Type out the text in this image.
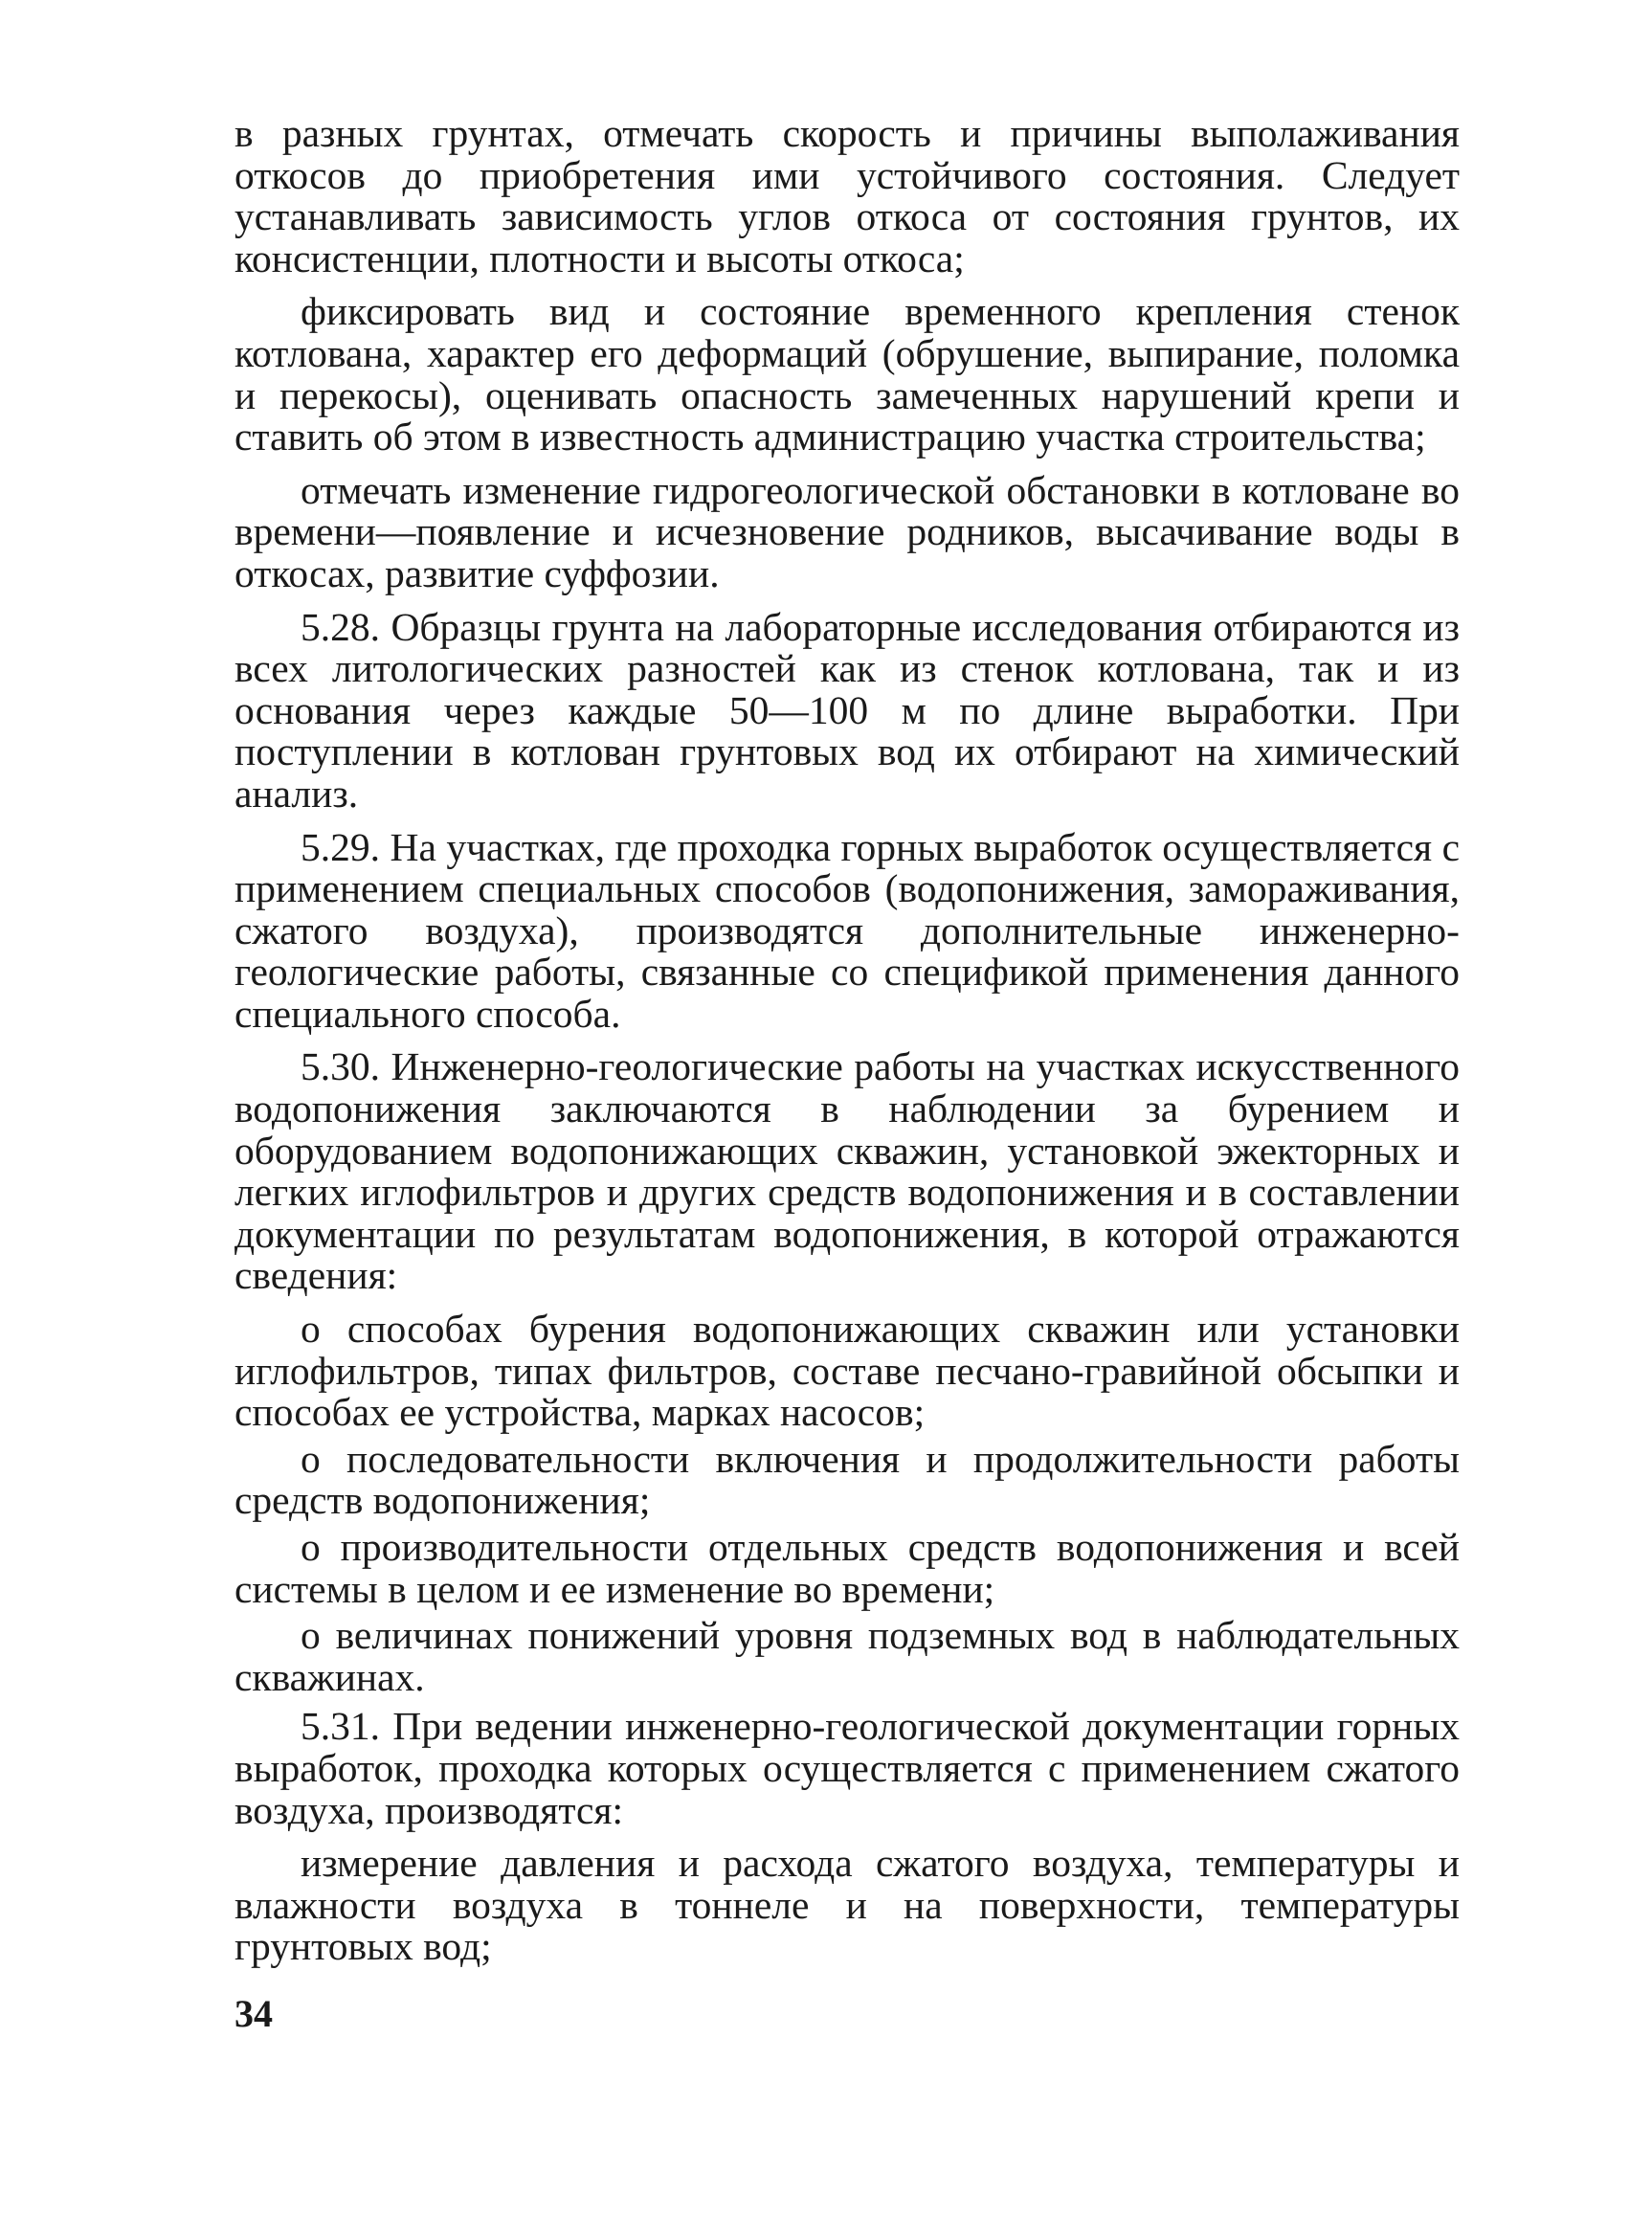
в разных грунтах, отмечать скорость и причины выполаживания откосов до приобретения ими устойчивого состояния. Следует устанавливать зависимость углов откоса от состояния грунтов, их консистенции, плотности и высоты откоса;

фиксировать вид и состояние временного крепления стенок котлована, характер его деформаций (обрушение, выпирание, поломка и перекосы), оценивать опасность замеченных нарушений крепи и ставить об этом в известность администрацию участка строительства;

отмечать изменение гидрогеологической обстановки в котловане во времени—появление и исчезновение родников, высачивание воды в откосах, развитие суффозии.

5.28. Образцы грунта на лабораторные исследования отбираются из всех литологических разностей как из стенок котлована, так и из основания через каждые 50—100 м по длине выработки. При поступлении в котлован грунтовых вод их отбирают на химический анализ.

5.29. На участках, где проходка горных выработок осуществляется с применением специальных способов (водопонижения, замораживания, сжатого воздуха), производятся дополнительные инженерно-геологические работы, связанные со спецификой применения данного специального способа.

5.30. Инженерно-геологические работы на участках искусственного водопонижения заключаются в наблюдении за бурением и оборудованием водопонижающих скважин, установкой эжекторных и легких иглофильтров и других средств водопонижения и в составлении документации по результатам водопонижения, в которой отражаются сведения:

о способах бурения водопонижающих скважин или установки иглофильтров, типах фильтров, составе песчано-гравийной обсыпки и способах ее устройства, марках насосов;

о последовательности включения и продолжительности работы средств водопонижения;

о производительности отдельных средств водопонижения и всей системы в целом и ее изменение во времени;

о величинах понижений уровня подземных вод в наблюдательных скважинах.

5.31. При ведении инженерно-геологической документации горных выработок, проходка которых осуществляется с применением сжатого воздуха, производятся:

измерение давления и расхода сжатого воздуха, температуры и влажности воздуха в тоннеле и на поверхности, температуры грунтовых вод;

34
